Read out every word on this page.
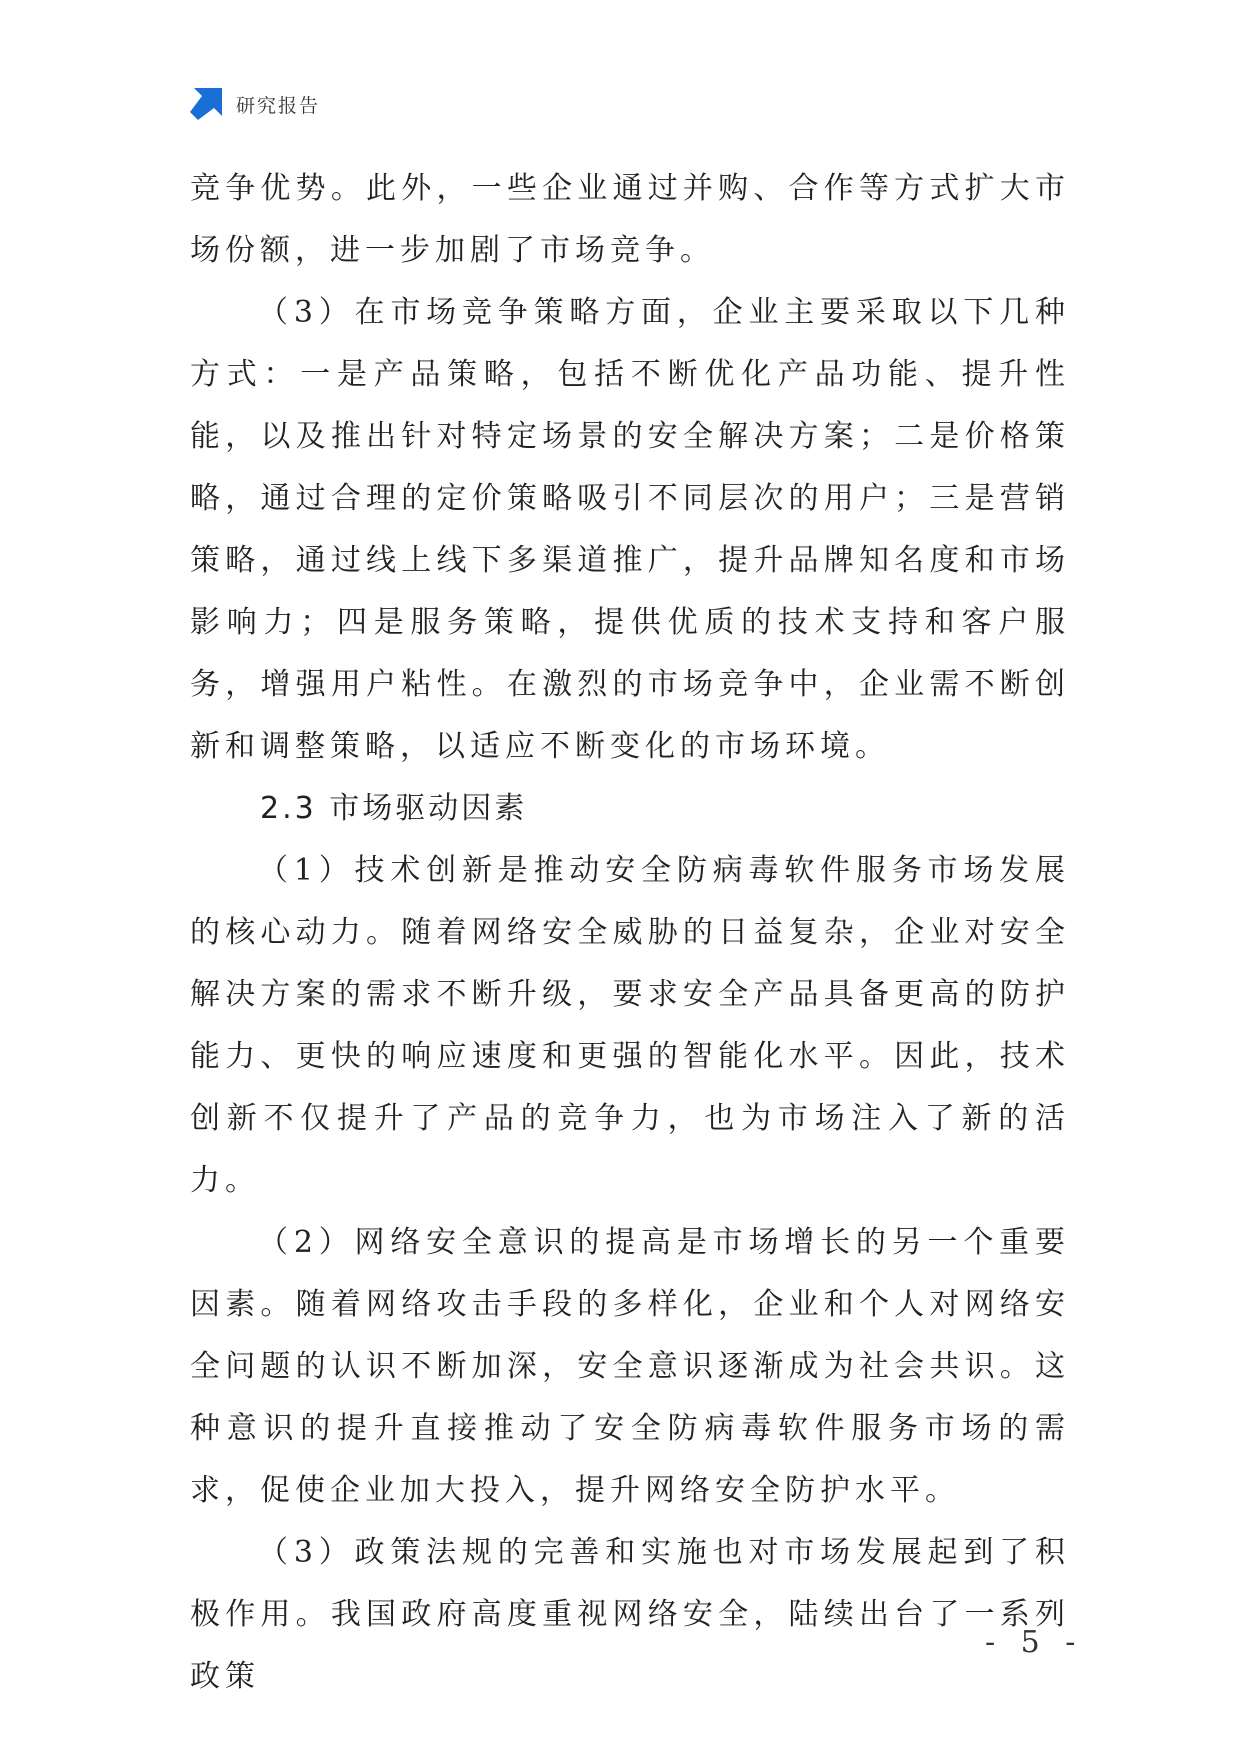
研究报告

竞争优势。此外，一些企业通过并购、合作等方式扩大市场份额，进一步加剧了市场竞争。

（3）在市场竞争策略方面，企业主要采取以下几种方式：一是产品策略，包括不断优化产品功能、提升性能，以及推出针对特定场景的安全解决方案；二是价格策略，通过合理的定价策略吸引不同层次的用户；三是营销策略，通过线上线下多渠道推广，提升品牌知名度和市场影响力；四是服务策略，提供优质的技术支持和客户服务，增强用户粘性。在激烈的市场竞争中，企业需不断创新和调整策略，以适应不断变化的市场环境。

2.3 市场驱动因素

（1）技术创新是推动安全防病毒软件服务市场发展的核心动力。随着网络安全威胁的日益复杂，企业对安全解决方案的需求不断升级，要求安全产品具备更高的防护能力、更快的响应速度和更强的智能化水平。因此，技术创新不仅提升了产品的竞争力，也为市场注入了新的活力。

（2）网络安全意识的提高是市场增长的另一个重要因素。随着网络攻击手段的多样化，企业和个人对网络安全问题的认识不断加深，安全意识逐渐成为社会共识。这种意识的提升直接推动了安全防病毒软件服务市场的需求，促使企业加大投入，提升网络安全防护水平。

（3）政策法规的完善和实施也对市场发展起到了积极作用。我国政府高度重视网络安全，陆续出台了一系列政策

- 5 -
